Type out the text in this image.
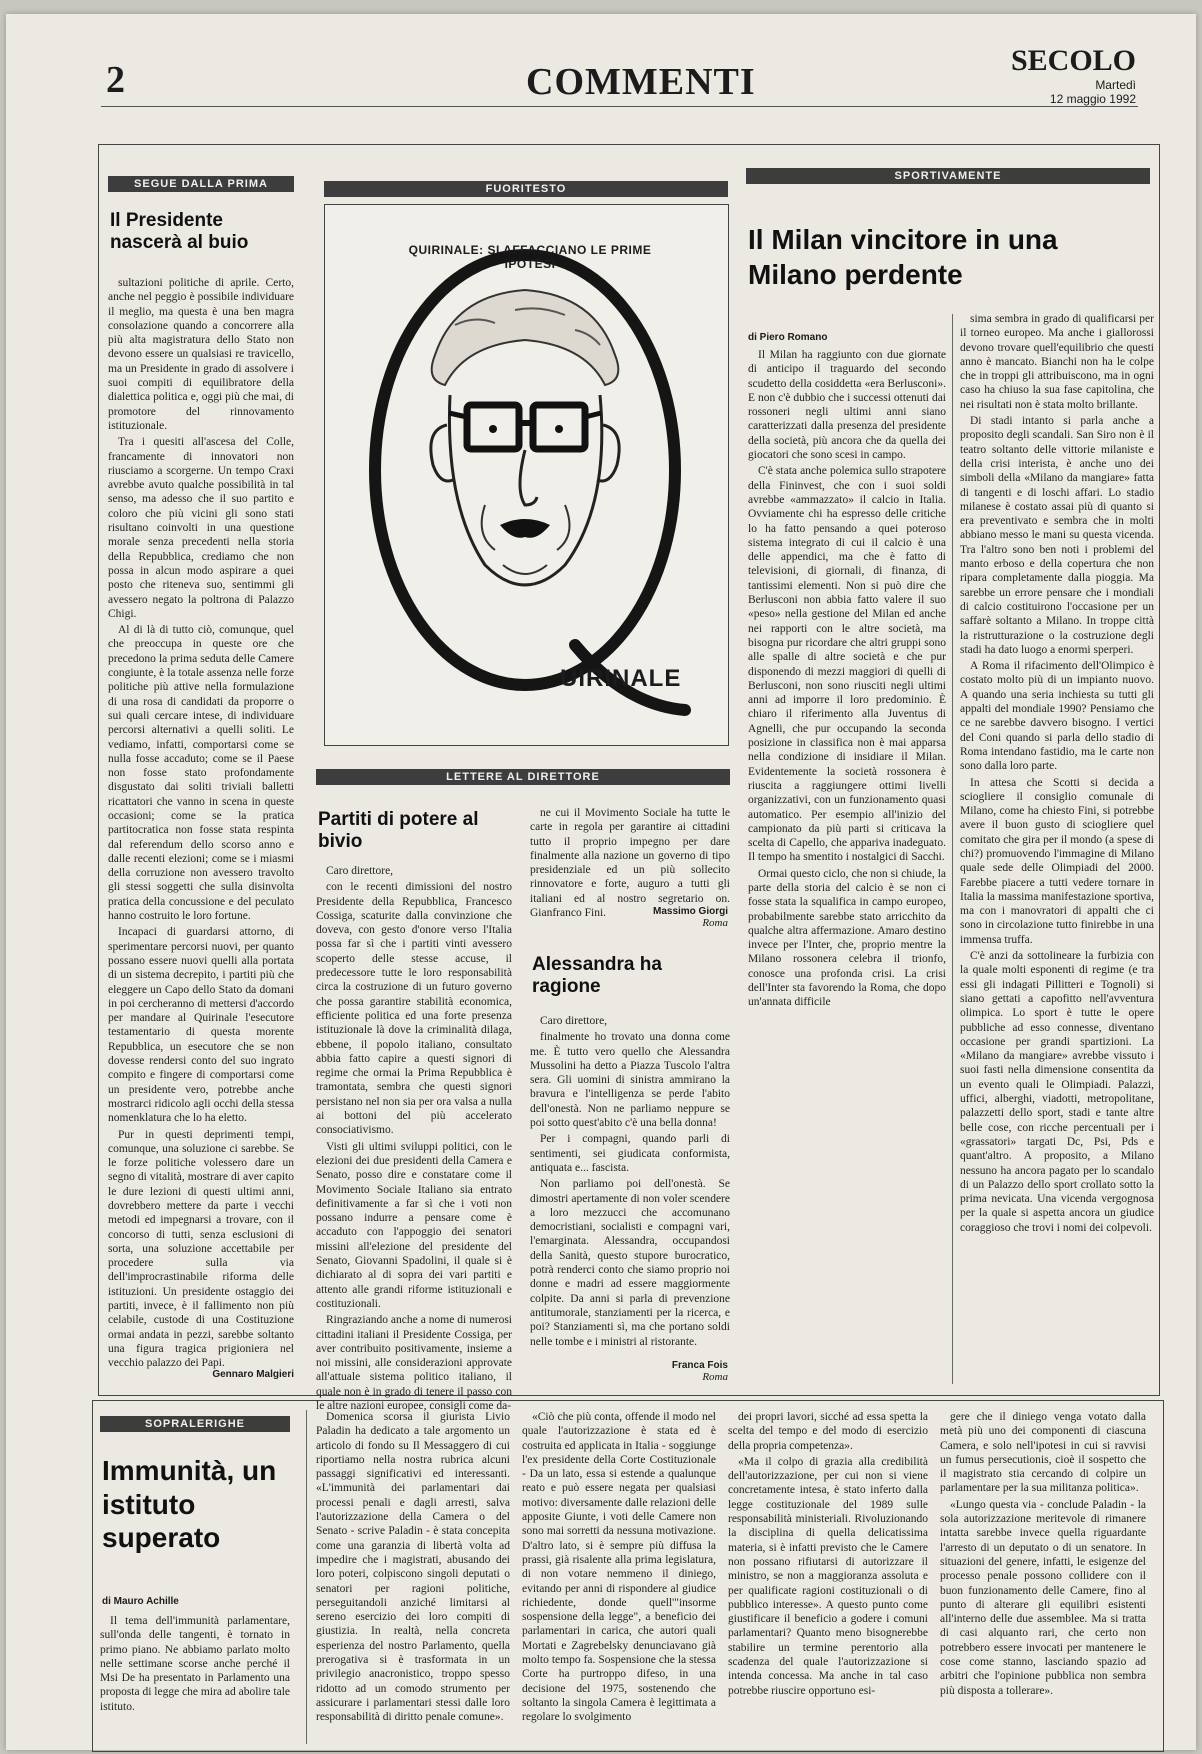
2	COMMENTI
SECOLO
Martedì
12 maggio 1992
SEGUE DALLA PRIMA
Il Presidente nascerà al buio

sultazioni politiche di aprile. Certo, anche nel peggio è possibile individuare il meglio, ma questa è una ben magra consolazione quando a concorrere alla più alta magistratura dello Stato non devono essere un qualsiasi re travicello, ma un Presidente in grado di assolvere i suoi compiti di equilibratore della dialettica politica e, oggi più che mai, di promotore del rinnovamento istituzionale.

Tra i quesiti all'ascesa del Colle, francamente di innovatori non riusciamo a scorgerne. Un tempo Craxi avrebbe avuto qualche possibilità in tal senso, ma adesso che il suo partito e coloro che più vicini gli sono stati risultano coinvolti in una questione morale senza precedenti nella storia della Repubblica, crediamo che non possa in alcun modo aspirare a quei posto che riteneva suo, sentimmi gli avessero negato la poltrona di Palazzo Chigi.

Al di là di tutto ciò, comunque, quel che preoccupa in queste ore che precedono la prima seduta delle Camere congiunte, è la totale assenza nelle forze politiche più attive nella formulazione di una rosa di candidati da proporre o sui quali cercare intese, di individuare percorsi alternativi a quelli soliti. Le vediamo, infatti, comportarsi come se nulla fosse accaduto; come se il Paese non fosse stato profondamente disgustato dai soliti triviali balletti ricattatori che vanno in scena in queste occasioni; come se la pratica partitocratica non fosse stata respinta dal referendum dello scorso anno e dalle recenti elezioni; come se i miasmi della corruzione non avessero travolto gli stessi soggetti che sulla disinvolta pratica della concussione e del peculato hanno costruito le loro fortune.

Incapaci di guardarsi attorno, di sperimentare percorsi nuovi, per quanto possano essere nuovi quelli alla portata di un sistema decrepito, i partiti più che eleggere un Capo dello Stato da domani in poi cercheranno di mettersi d'accordo per mandare al Quirinale l'esecutore testamentario di questa morente Repubblica, un esecutore che se non dovesse rendersi conto del suo ingrato compito e fingere di comportarsi come un presidente vero, potrebbe anche mostrarci ridicolo agli occhi della stessa nomenklatura che lo ha eletto.

Pur in questi deprimenti tempi, comunque, una soluzione ci sarebbe. Se le forze politiche volessero dare un segno di vitalità, mostrare di aver capito le dure lezioni di questi ultimi anni, dovrebbero mettere da parte i vecchi metodi ed impegnarsi a trovare, con il concorso di tutti, senza esclusioni di sorta, una soluzione accettabile per procedere sulla via dell'improcrastinabile riforma delle istituzioni. Un presidente ostaggio dei partiti, invece, è il fallimento non più celabile, custode di una Costituzione ormai andata in pezzi, sarebbe soltanto una figura tragica prigioniera nel vecchio palazzo dei Papi.

Gennaro Malgieri
FUORITESTO
QUIRINALE: SI AFFACCIANO LE PRIME IPOTESI
UIRINALE
LETTERE AL DIRETTORE
Partiti di potere al bivio

Caro direttore,

con le recenti dimissioni del nostro Presidente della Repubblica, Francesco Cossiga, scaturite dalla convinzione che doveva, con gesto d'onore verso l'Italia possa far sì che i partiti vinti avessero scoperto delle stesse accuse, il predecessore tutte le loro responsabilità circa la costruzione di un futuro governo che possa garantire stabilità economica, efficiente politica ed una forte presenza istituzionale là dove la criminalità dilaga, ebbene, il popolo italiano, consultato abbia fatto capire a questi signori di regime che ormai la Prima Repubblica è tramontata, sembra che questi signori persistano nel non sia per ora valsa a nulla ai bottoni del più accelerato consociativismo.

Visti gli ultimi sviluppi politici, con le elezioni dei due presidenti della Camera e Senato, posso dire e constatare come il Movimento Sociale Italiano sia entrato definitivamente a far sì che i voti non possano indurre a pensare come è accaduto con l'appoggio dei senatori missini all'elezione del presidente del Senato, Giovanni Spadolini, il quale si è dichiarato al di sopra dei vari partiti e attento alle grandi riforme istituzionali e costituzionali.

Ringraziando anche a nome di numerosi cittadini italiani il Presidente Cossiga, per aver contribuito positivamente, insieme a noi missini, alle considerazioni approvate all'attuale sistema politico italiano, il quale non è in grado di tenere il passo con le altre nazioni europee, consigli come da-

ne cui il Movimento Sociale ha tutte le carte in regola per garantire ai cittadini tutto il proprio impegno per dare finalmente alla nazione un governo di tipo presidenziale ed un più sollecito rinnovatore e forte, auguro a tutti gli italiani ed al nostro segretario on. Gianfranco Fini.	Massimo Giorgi
Roma
Alessandra ha ragione

Caro direttore,

finalmente ho trovato una donna come me. È tutto vero quello che Alessandra Mussolini ha detto a Piazza Tuscolo l'altra sera. Gli uomini di sinistra ammirano la bravura e l'intelligenza se perde l'abito dell'onestà. Non ne parliamo neppure se poi sotto quest'abito c'è una bella donna!

Per i compagni, quando parli di sentimenti, sei giudicata conformista, antiquata e... fascista.

Non parliamo poi dell'onestà. Se dimostri apertamente di non voler scendere a loro mezzucci che accomunano democristiani, socialisti e compagni vari, l'emarginata. Alessandra, occupandosi della Sanità, questo stupore burocratico, potrà renderci conto che siamo proprio noi donne e madri ad essere maggiormente colpite. Da anni si parla di prevenzione antitumorale, stanziamenti per la ricerca, e poi? Stanziamenti sì, ma che portano soldi nelle tombe e i ministri al ristorante.

Franca Fois
Roma
SPORTIVAMENTE
Il Milan vincitore in una Milano perdente
di Piero Romano

Il Milan ha raggiunto con due giornate di anticipo il traguardo del secondo scudetto della cosiddetta «era Berlusconi». E non c'è dubbio che i successi ottenuti dai rossoneri negli ultimi anni siano caratterizzati dalla presenza del presidente della società, più ancora che da quella dei giocatori che sono scesi in campo.

C'è stata anche polemica sullo strapotere della Fininvest, che con i suoi soldi avrebbe «ammazzato» il calcio in Italia. Ovviamente chi ha espresso delle critiche lo ha fatto pensando a quei poteroso sistema integrato di cui il calcio è una delle appendici, ma che è fatto di televisioni, di giornali, di finanza, di tantissimi elementi. Non si può dire che Berlusconi non abbia fatto valere il suo «peso» nella gestione del Milan ed anche nei rapporti con le altre società, ma bisogna pur ricordare che altri gruppi sono alle spalle di altre società e che pur disponendo di mezzi maggiori di quelli di Berlusconi, non sono riusciti negli ultimi anni ad imporre il loro predominio. È chiaro il riferimento alla Juventus di Agnelli, che pur occupando la seconda posizione in classifica non è mai apparsa nella condizione di insidiare il Milan. Evidentemente la società rossonera è riuscita a raggiungere ottimi livelli organizzativi, con un funzionamento quasi automatico. Per esempio all'inizio del campionato da più parti si criticava la scelta di Capello, che appariva inadeguato. Il tempo ha smentito i nostalgici di Sacchi.

Ormai questo ciclo, che non si chiude, la parte della storia del calcio è se non ci fosse stata la squalifica in campo europeo, probabilmente sarebbe stato arricchito da qualche altra affermazione. Amaro destino invece per l'Inter, che, proprio mentre la Milano rossonera celebra il trionfo, conosce una profonda crisi. La crisi dell'Inter sta favorendo la Roma, che dopo un'annata difficile

sima sembra in grado di qualificarsi per il torneo europeo. Ma anche i giallorossi devono trovare quell'equilibrio che questi anno è mancato. Bianchi non ha le colpe che in troppi gli attribuiscono, ma in ogni caso ha chiuso la sua fase capitolina, che nei risultati non è stata molto brillante.

Di stadi intanto si parla anche a proposito degli scandali. San Siro non è il teatro soltanto delle vittorie milaniste e della crisi interista, è anche uno dei simboli della «Milano da mangiare» fatta di tangenti e di loschi affari. Lo stadio milanese è costato assai più di quanto si era preventivato e sembra che in molti abbiano messo le mani su questa vicenda. Tra l'altro sono ben noti i problemi del manto erboso e della copertura che non ripara completamente dalla pioggia. Ma sarebbe un errore pensare che i mondiali di calcio costituirono l'occasione per un saffarè soltanto a Milano. In troppe città la ristrutturazione o la costruzione degli stadi ha dato luogo a enormi sperperi.

A Roma il rifacimento dell'Olimpico è costato molto più di un impianto nuovo. A quando una seria inchiesta su tutti gli appalti del mondiale 1990? Pensiamo che ce ne sarebbe davvero bisogno. I vertici del Coni quando si parla dello stadio di Roma intendano fastidio, ma le carte non sono dalla loro parte.

In attesa che Scotti si decida a sciogliere il consiglio comunale di Milano, come ha chiesto Fini, si potrebbe avere il buon gusto di sciogliere quel comitato che gira per il mondo (a spese di chi?) promuovendo l'immagine di Milano quale sede delle Olimpiadi del 2000. Farebbe piacere a tutti vedere tornare in Italia la massima manifestazione sportiva, ma con i manovratori di appalti che ci sono in circolazione tutto finirebbe in una immensa truffa.

C'è anzi da sottolineare la furbizia con la quale molti esponenti di regime (e tra essi gli indagati Pillitteri e Tognoli) si siano gettati a capofitto nell'avventura olimpica. Lo sport è tutte le opere pubbliche ad esso connesse, diventano occasione per grandi spartizioni. La «Milano da mangiare» avrebbe vissuto i suoi fasti nella dimensione consentita da un evento quali le Olimpiadi. Palazzi, uffici, alberghi, viadotti, metropolitane, palazzetti dello sport, stadi e tante altre belle cose, con ricche percentuali per i «grassatori» targati Dc, Psi, Pds e quant'altro. A proposito, a Milano nessuno ha ancora pagato per lo scandalo di un Palazzo dello sport crollato sotto la prima nevicata. Una vicenda vergognosa per la quale si aspetta ancora un giudice coraggioso che trovi i nomi dei colpevoli.

SOPRALERIGHE
Immunità, un istituto superato
di Mauro Achille

Il tema dell'immunità parlamentare, sull'onda delle tangenti, è tornato in primo piano. Ne abbiamo parlato molto nelle settimane scorse anche perché il Msi De ha presentato in Parlamento una proposta di legge che mira ad abolire tale istituto.

Domenica scorsa il giurista Livio Paladin ha dedicato a tale argomento un articolo di fondo su Il Messaggero di cui riportiamo nella nostra rubrica alcuni passaggi significativi ed interessanti. «L'immunità dei parlamentari dai processi penali e dagli arresti, salva l'autorizzazione della Camera o del Senato - scrive Paladin - è stata concepita come una garanzia di libertà volta ad impedire che i magistrati, abusando dei loro poteri, colpiscono singoli deputati o senatori per ragioni politiche, perseguitandoli anziché limitarsi al sereno esercizio dei loro compiti di giustizia. In realtà, nella concreta esperienza del nostro Parlamento, quella prerogativa si è trasformata in un privilegio anacronistico, troppo spesso ridotto ad un comodo strumento per assicurare i parlamentari stessi dalle loro responsabilità di diritto penale comune».

«Ciò che più conta, offende il modo nel quale l'autorizzazione è stata ed è costruita ed applicata in Italia - soggiunge l'ex presidente della Corte Costituzionale - Da un lato, essa si estende a qualunque reato e può essere negata per qualsiasi motivo: diversamente dalle relazioni delle apposite Giunte, i voti delle Camere non sono mai sorretti da nessuna motivazione. D'altro lato, si è sempre più diffusa la prassi, già risalente alla prima legislatura, di non votare nemmeno il diniego, evitando per anni di rispondere al giudice richiedente, donde quell'"insorme sospensione della legge", a beneficio dei parlamentari in carica, che autori quali Mortati e Zagrebelsky denunciavano già molto tempo fa. Sospensione che la stessa Corte ha purtroppo difeso, in una decisione del 1975, sostenendo che soltanto la singola Camera è legittimata a regolare lo svolgimento

dei propri lavori, sicché ad essa spetta la scelta del tempo e del modo di esercizio della propria competenza».

«Ma il colpo di grazia alla credibilità dell'autorizzazione, per cui non si viene concretamente intesa, è stato inferto dalla legge costituzionale del 1989 sulle responsabilità ministeriali. Rivoluzionando la disciplina di quella delicatissima materia, si è infatti previsto che le Camere non possano rifiutarsi di autorizzare il ministro, se non a maggioranza assoluta e per qualificate ragioni costituzionali o di pubblico interesse». A questo punto come giustificare il beneficio a godere i comuni parlamentari? Quanto meno bisognerebbe stabilire un termine perentorio alla scadenza del quale l'autorizzazione si intenda concessa. Ma anche in tal caso potrebbe riuscire opportuno esi-

gere che il diniego venga votato dalla metà più uno dei componenti di ciascuna Camera, e solo nell'ipotesi in cui si ravvisi un fumus persecutionis, cioè il sospetto che il magistrato stia cercando di colpire un parlamentare per la sua militanza politica».

«Lungo questa via - conclude Paladin - la sola autorizzazione meritevole di rimanere intatta sarebbe invece quella riguardante l'arresto di un deputato o di un senatore. In situazioni del genere, infatti, le esigenze del processo penale possono collidere con il buon funzionamento delle Camere, fino al punto di alterare gli equilibri esistenti all'interno delle due assemblee. Ma si tratta di casi alquanto rari, che certo non potrebbero essere invocati per mantenere le cose come stanno, lasciando spazio ad arbitri che l'opinione pubblica non sembra più disposta a tollerare».
